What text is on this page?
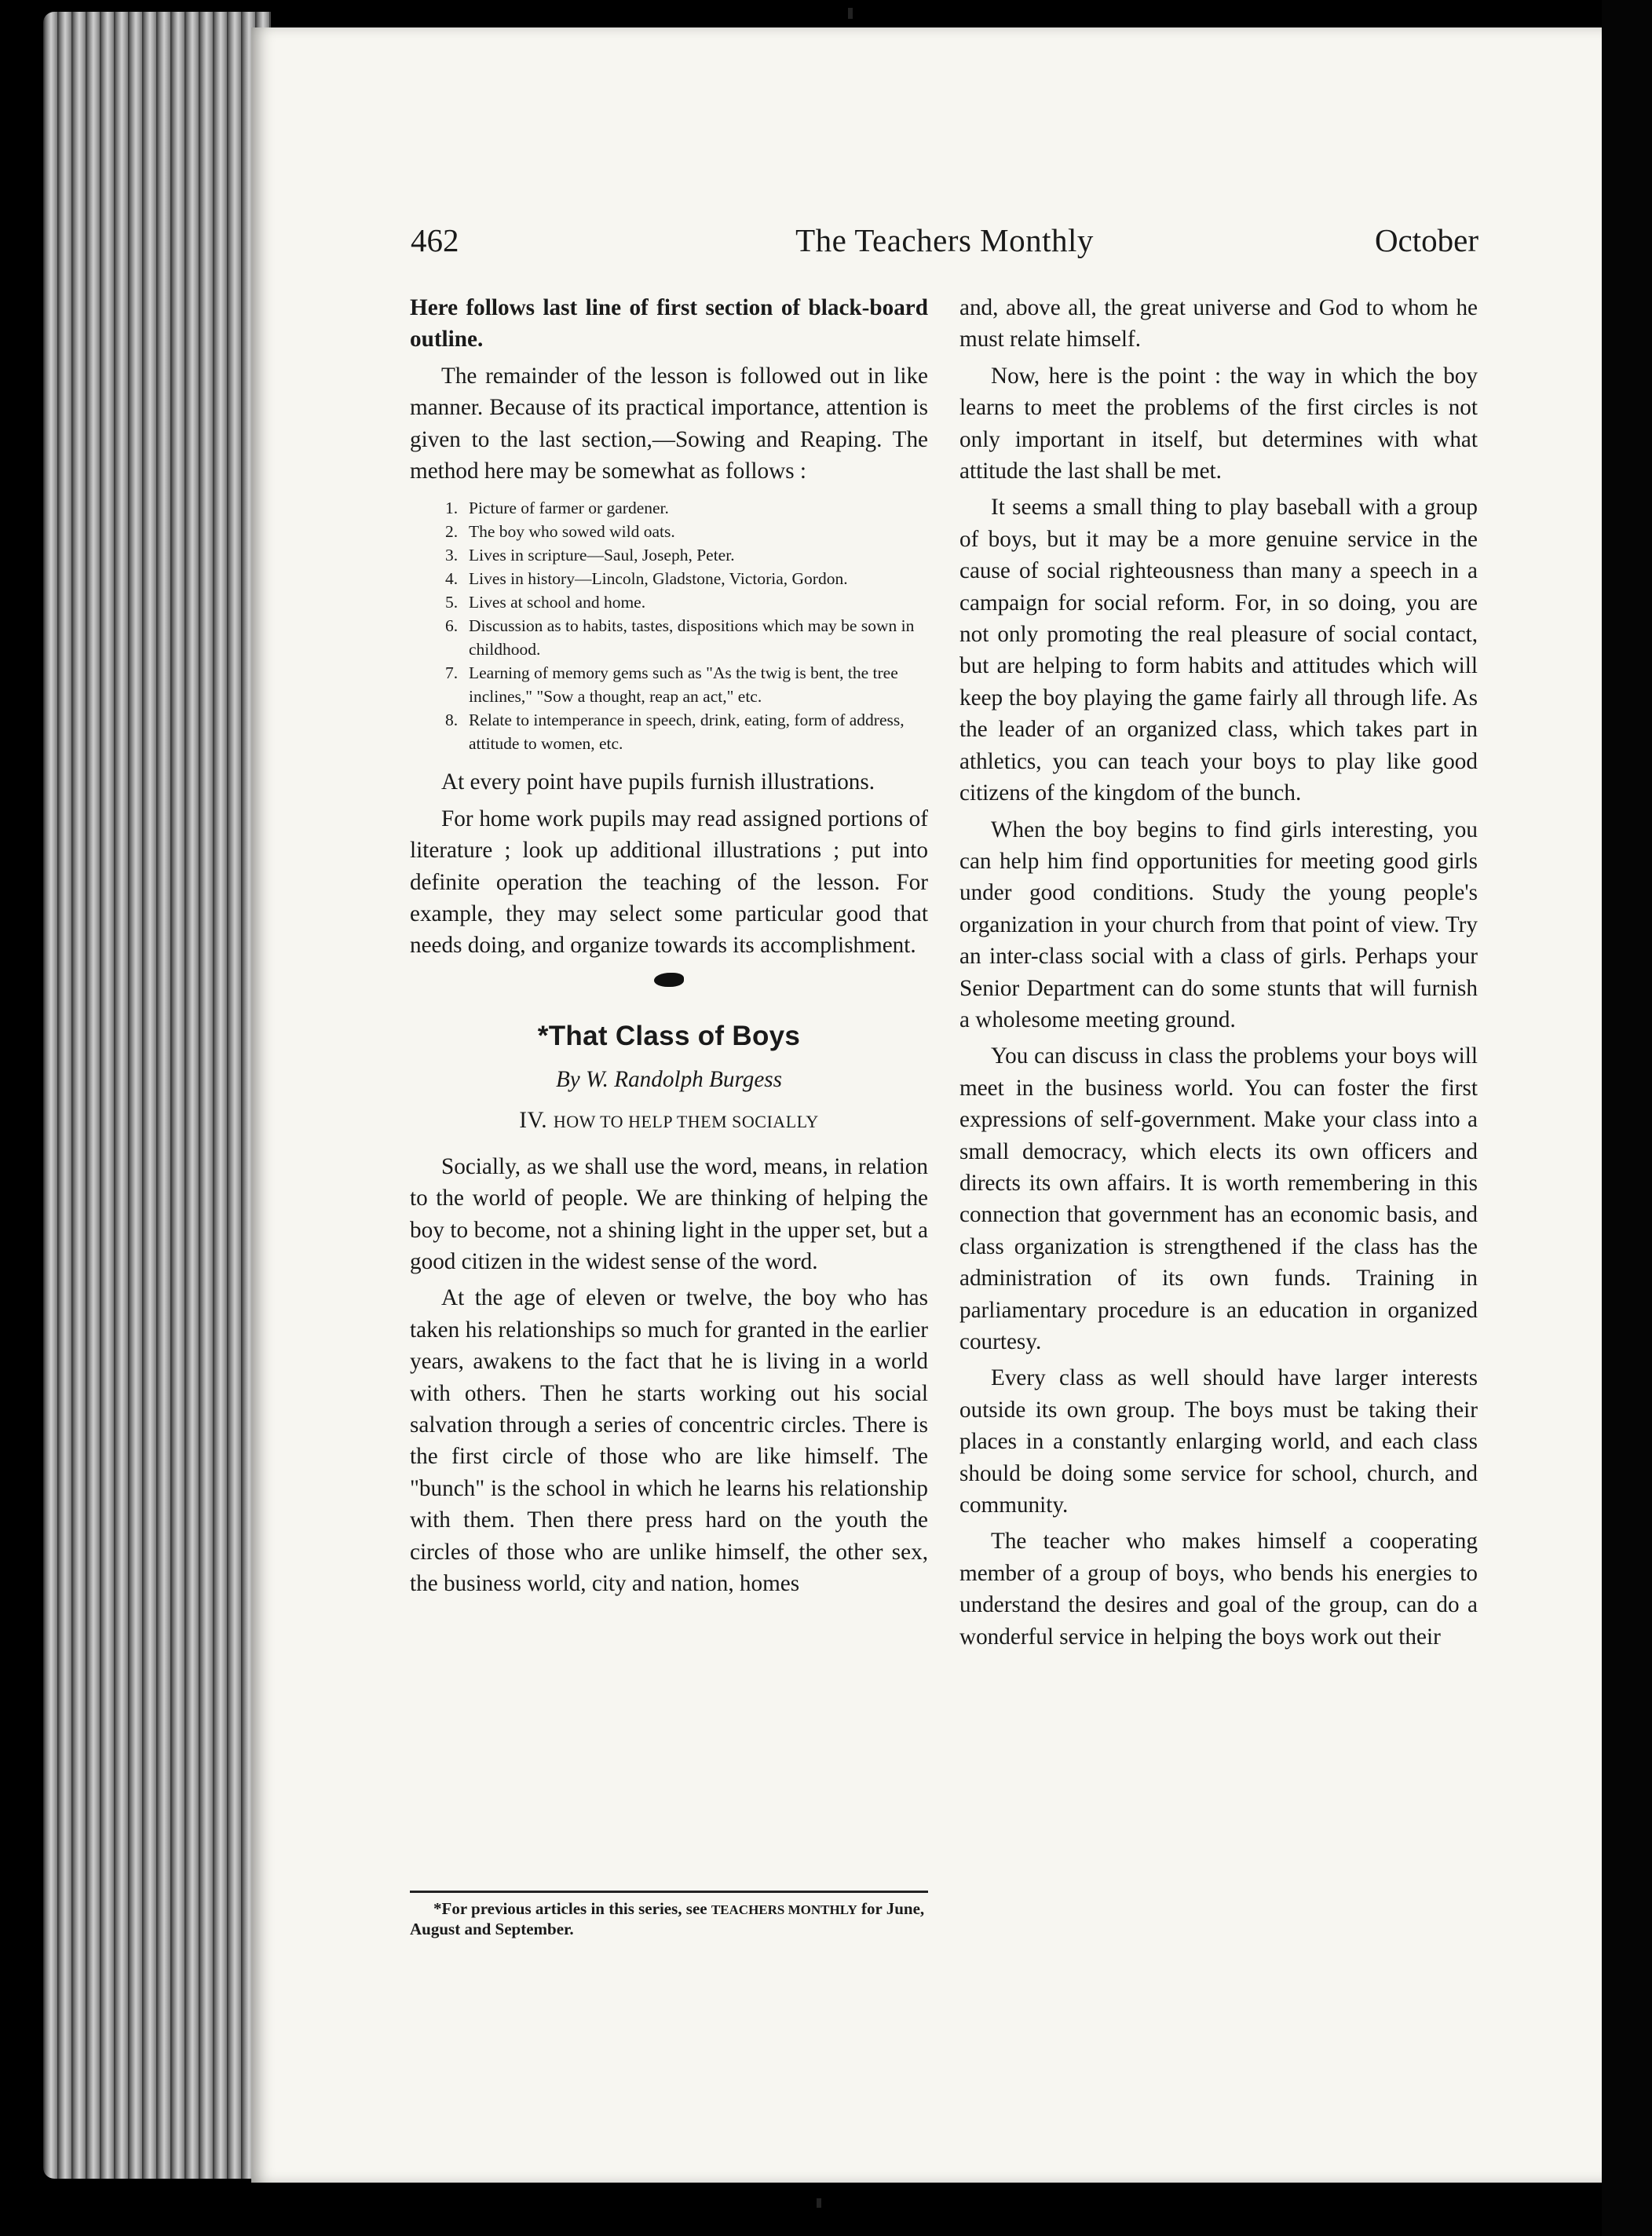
462	The Teachers Monthly	October

Here follows last line of first section of black-board outline.

The remainder of the lesson is followed out in like manner. Because of its practical importance, attention is given to the last section,—Sowing and Reaping. The method here may be somewhat as follows :

1. Picture of farmer or gardener.
2. The boy who sowed wild oats.
3. Lives in scripture—Saul, Joseph, Peter.
4. Lives in history—Lincoln, Gladstone, Victoria, Gordon.
5. Lives at school and home.
6. Discussion as to habits, tastes, dispositions which may be sown in childhood.
7. Learning of memory gems such as "As the twig is bent, the tree inclines," "Sow a thought, reap an act," etc.
8. Relate to intemperance in speech, drink, eating, form of address, attitude to women, etc.

At every point have pupils furnish illustrations.

For home work pupils may read assigned portions of literature ; look up additional illustrations ; put into definite operation the teaching of the lesson. For example, they may select some particular good that needs doing, and organize towards its accomplishment.

*That Class of Boys
By W. Randolph Burgess
IV. HOW TO HELP THEM SOCIALLY

Socially, as we shall use the word, means, in relation to the world of people. We are thinking of helping the boy to become, not a shining light in the upper set, but a good citizen in the widest sense of the word.

At the age of eleven or twelve, the boy who has taken his relationships so much for granted in the earlier years, awakens to the fact that he is living in a world with others. Then he starts working out his social salvation through a series of concentric circles. There is the first circle of those who are like himself. The "bunch" is the school in which he learns his relationship with them. Then there press hard on the youth the circles of those who are unlike himself, the other sex, the business world, city and nation, homes

*For previous articles in this series, see TEACHERS MONTHLY for June, August and September.

and, above all, the great universe and God to whom he must relate himself.

Now, here is the point : the way in which the boy learns to meet the problems of the first circles is not only important in itself, but determines with what attitude the last shall be met.

It seems a small thing to play baseball with a group of boys, but it may be a more genuine service in the cause of social righteousness than many a speech in a campaign for social reform. For, in so doing, you are not only promoting the real pleasure of social contact, but are helping to form habits and attitudes which will keep the boy playing the game fairly all through life. As the leader of an organized class, which takes part in athletics, you can teach your boys to play like good citizens of the kingdom of the bunch.

When the boy begins to find girls interesting, you can help him find opportunities for meeting good girls under good conditions. Study the young people's organization in your church from that point of view. Try an inter-class social with a class of girls. Perhaps your Senior Department can do some stunts that will furnish a wholesome meeting ground.

You can discuss in class the problems your boys will meet in the business world. You can foster the first expressions of self-government. Make your class into a small democracy, which elects its own officers and directs its own affairs. It is worth remembering in this connection that government has an economic basis, and class organization is strengthened if the class has the administration of its own funds. Training in parliamentary procedure is an education in organized courtesy.

Every class as well should have larger interests outside its own group. The boys must be taking their places in a constantly enlarging world, and each class should be doing some service for school, church, and community.

The teacher who makes himself a cooperating member of a group of boys, who bends his energies to understand the desires and goal of the group, can do a wonderful service in helping the boys work out their
